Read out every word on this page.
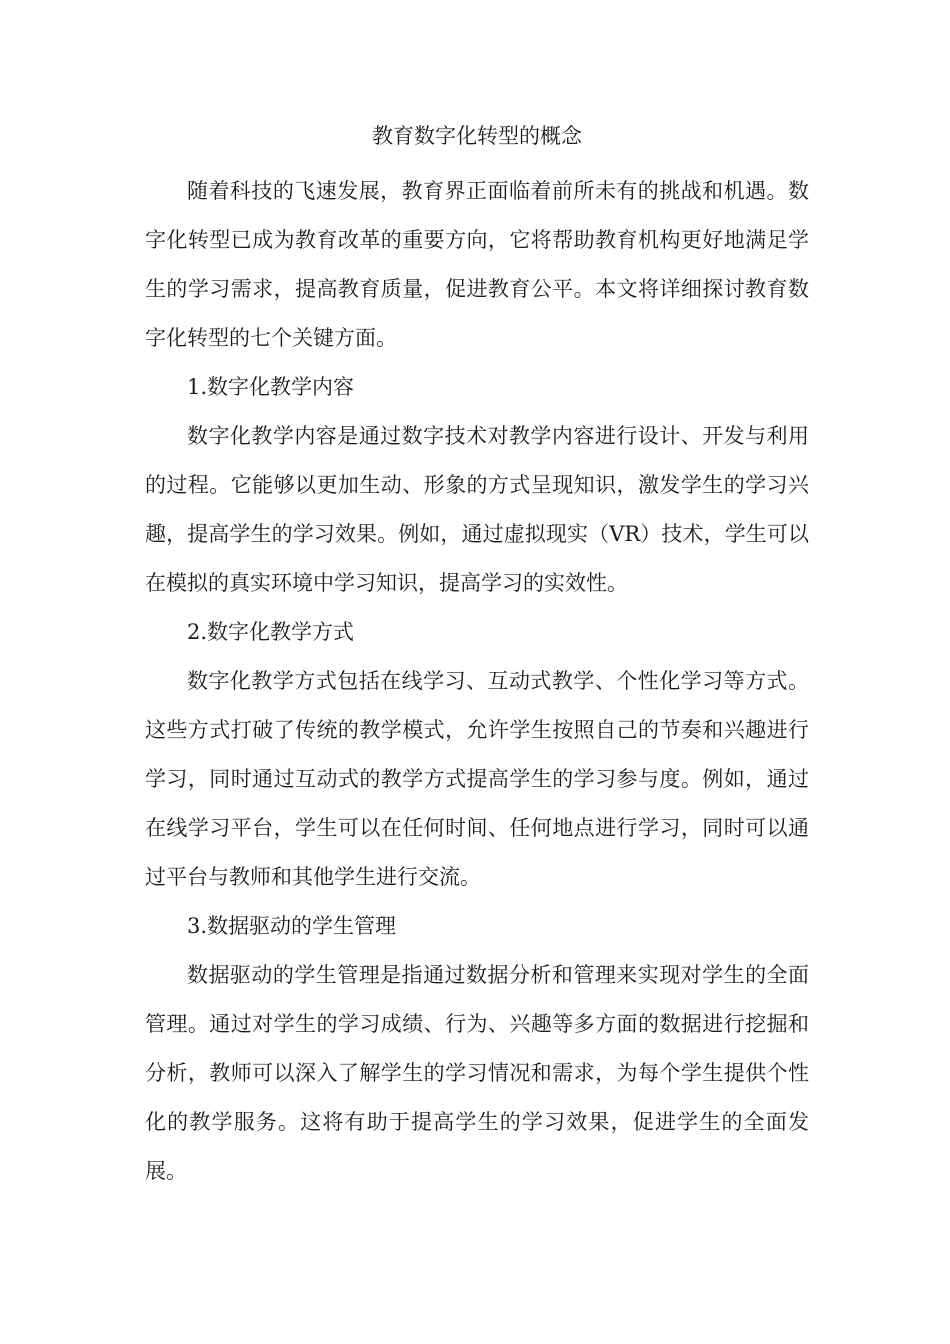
教育数字化转型的概念

随着科技的飞速发展，教育界正面临着前所未有的挑战和机遇。数字化转型已成为教育改革的重要方向，它将帮助教育机构更好地满足学生的学习需求，提高教育质量，促进教育公平。本文将详细探讨教育数字化转型的七个关键方面。

1.数字化教学内容

数字化教学内容是通过数字技术对教学内容进行设计、开发与利用的过程。它能够以更加生动、形象的方式呈现知识，激发学生的学习兴趣，提高学生的学习效果。例如，通过虚拟现实（VR）技术，学生可以在模拟的真实环境中学习知识，提高学习的实效性。

2.数字化教学方式

数字化教学方式包括在线学习、互动式教学、个性化学习等方式。这些方式打破了传统的教学模式，允许学生按照自己的节奏和兴趣进行学习，同时通过互动式的教学方式提高学生的学习参与度。例如，通过在线学习平台，学生可以在任何时间、任何地点进行学习，同时可以通过平台与教师和其他学生进行交流。

3.数据驱动的学生管理

数据驱动的学生管理是指通过数据分析和管理来实现对学生的全面管理。通过对学生的学习成绩、行为、兴趣等多方面的数据进行挖掘和分析，教师可以深入了解学生的学习情况和需求，为每个学生提供个性化的教学服务。这将有助于提高学生的学习效果，促进学生的全面发展。
